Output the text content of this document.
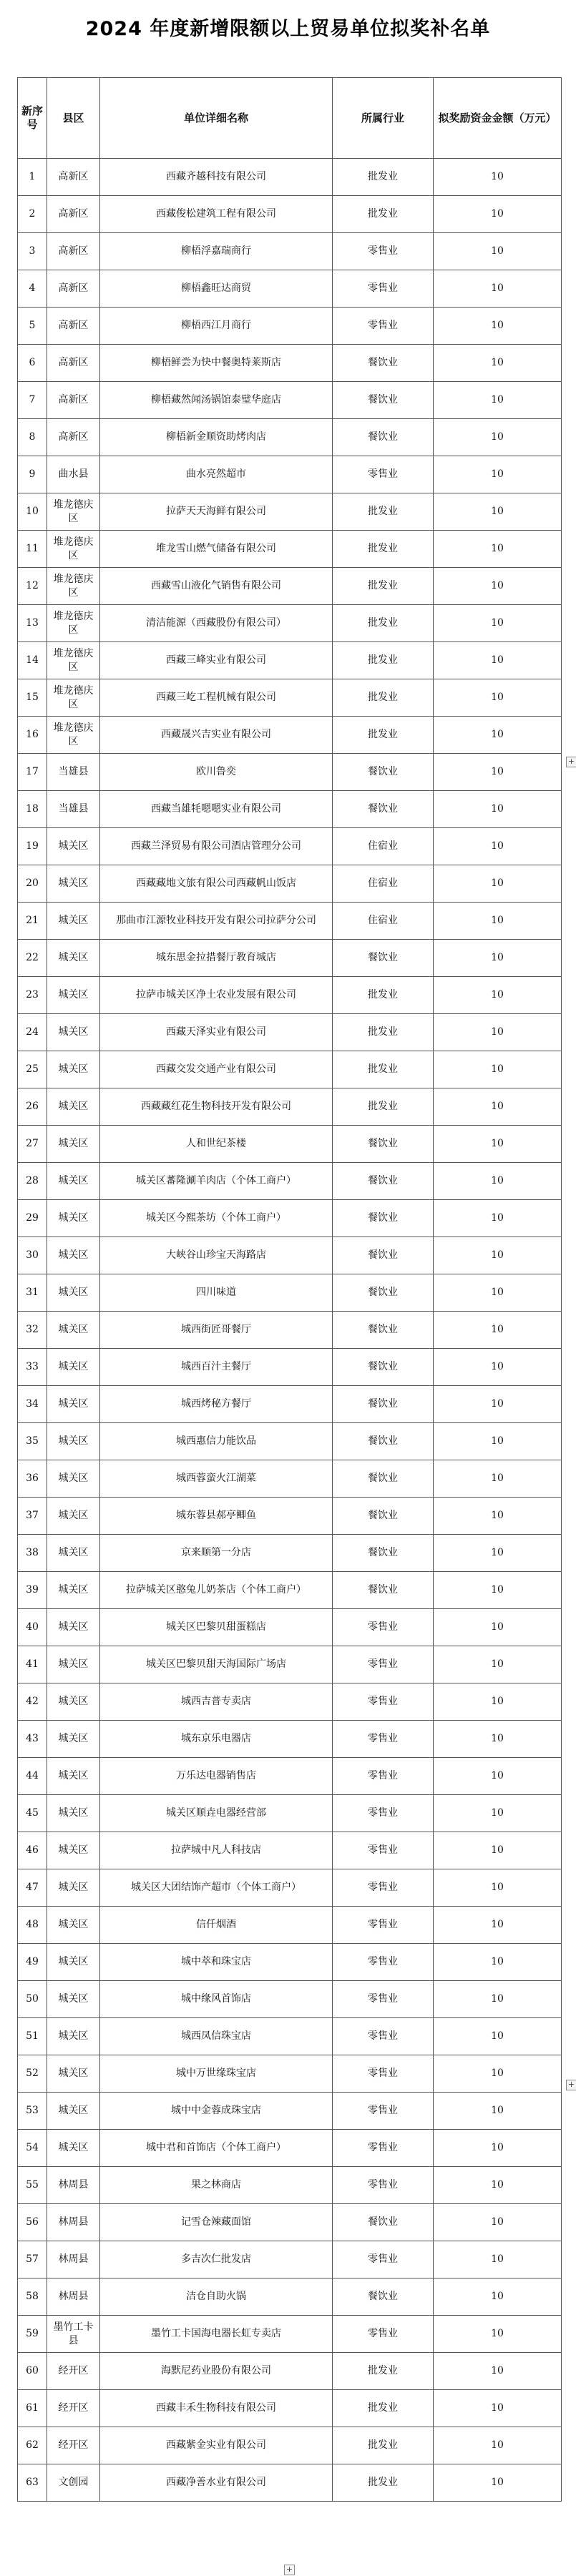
2024 年度新增限额以上贸易单位拟奖补名单
新序号	县区	单位详细名称	所属行业	拟奖励资金金额（万元）
1	高新区	西藏齐越科技有限公司	批发业	10
2	高新区	西藏俊松建筑工程有限公司	批发业	10
3	高新区	柳梧浮嘉瑞商行	零售业	10
4	高新区	柳梧鑫旺达商贸	零售业	10
5	高新区	柳梧西江月商行	零售业	10
6	高新区	柳梧鲜尝为快中餐奥特莱斯店	餐饮业	10
7	高新区	柳梧藏然闻汤锅馆泰璧华庭店	餐饮业	10
8	高新区	柳梧新金顺资助烤肉店	餐饮业	10
9	曲水县	曲水亮然超市	零售业	10
10	堆龙德庆区	拉萨天天海鲜有限公司	批发业	10
11	堆龙德庆区	堆龙雪山燃气储备有限公司	批发业	10
12	堆龙德庆区	西藏雪山液化气销售有限公司	批发业	10
13	堆龙德庆区	清洁能源（西藏股份有限公司）	批发业	10
14	堆龙德庆区	西藏三峰实业有限公司	批发业	10
15	堆龙德庆区	西藏三屹工程机械有限公司	批发业	10
16	堆龙德庆区	西藏晟兴吉实业有限公司	批发业	10
17	当雄县	欧川鲁奕	餐饮业	10
18	当雄县	西藏当雄牦嗯嗯实业有限公司	餐饮业	10
19	城关区	西藏兰泽贸易有限公司酒店管理分公司	住宿业	10
20	城关区	西藏藏地文旅有限公司西藏帆山饭店	住宿业	10
21	城关区	那曲市江源牧业科技开发有限公司拉萨分公司	住宿业	10
22	城关区	城东思金拉措餐厅教育城店	餐饮业	10
23	城关区	拉萨市城关区净土农业发展有限公司	批发业	10
24	城关区	西藏天泽实业有限公司	批发业	10
25	城关区	西藏交发交通产业有限公司	批发业	10
26	城关区	西藏藏红花生物科技开发有限公司	批发业	10
27	城关区	人和世纪茶楼	餐饮业	10
28	城关区	城关区蕃隆涮羊肉店（个体工商户）	餐饮业	10
29	城关区	城关区今熙茶坊（个体工商户）	餐饮业	10
30	城关区	大峡谷山珍宝天海路店	餐饮业	10
31	城关区	四川味道	餐饮业	10
32	城关区	城西街匠哥餐厅	餐饮业	10
33	城关区	城西百汁主餐厅	餐饮业	10
34	城关区	城西烤秘方餐厅	餐饮业	10
35	城关区	城西惠信力能饮品	餐饮业	10
36	城关区	城西蓉蛮火江湖菜	餐饮业	10
37	城关区	城东蓉县郝亭鲫鱼	餐饮业	10
38	城关区	京来顺第一分店	餐饮业	10
39	城关区	拉萨城关区憨兔儿奶茶店（个体工商户）	餐饮业	10
40	城关区	城关区巴黎贝甜蛋糕店	零售业	10
41	城关区	城关区巴黎贝甜天海国际广场店	零售业	10
42	城关区	城西吉普专卖店	零售业	10
43	城关区	城东京乐电器店	零售业	10
44	城关区	万乐达电器销售店	零售业	10
45	城关区	城关区顺垚电器经营部	零售业	10
46	城关区	拉萨城中凡人科技店	零售业	10
47	城关区	城关区大团结饰产超市（个体工商户）	零售业	10
48	城关区	信仟烟酒	零售业	10
49	城关区	城中萃和珠宝店	零售业	10
50	城关区	城中缘风首饰店	零售业	10
51	城关区	城西凤信珠宝店	零售业	10
52	城关区	城中万世缘珠宝店	零售业	10
53	城关区	城中中金蓉成珠宝店	零售业	10
54	城关区	城中君和首饰店（个体工商户）	零售业	10
55	林周县	果之林商店	零售业	10
56	林周县	记雪仓辣藏面馆	餐饮业	10
57	林周县	多吉次仁批发店	零售业	10
58	林周县	洁仓自助火锅	餐饮业	10
59	墨竹工卡县	墨竹工卡国海电器长虹专卖店	零售业	10
60	经开区	海默尼药业股份有限公司	批发业	10
61	经开区	西藏丰禾生物科技有限公司	批发业	10
62	经开区	西藏紫金实业有限公司	批发业	10
63	文创园	西藏净善水业有限公司	批发业	10
+
+
+
